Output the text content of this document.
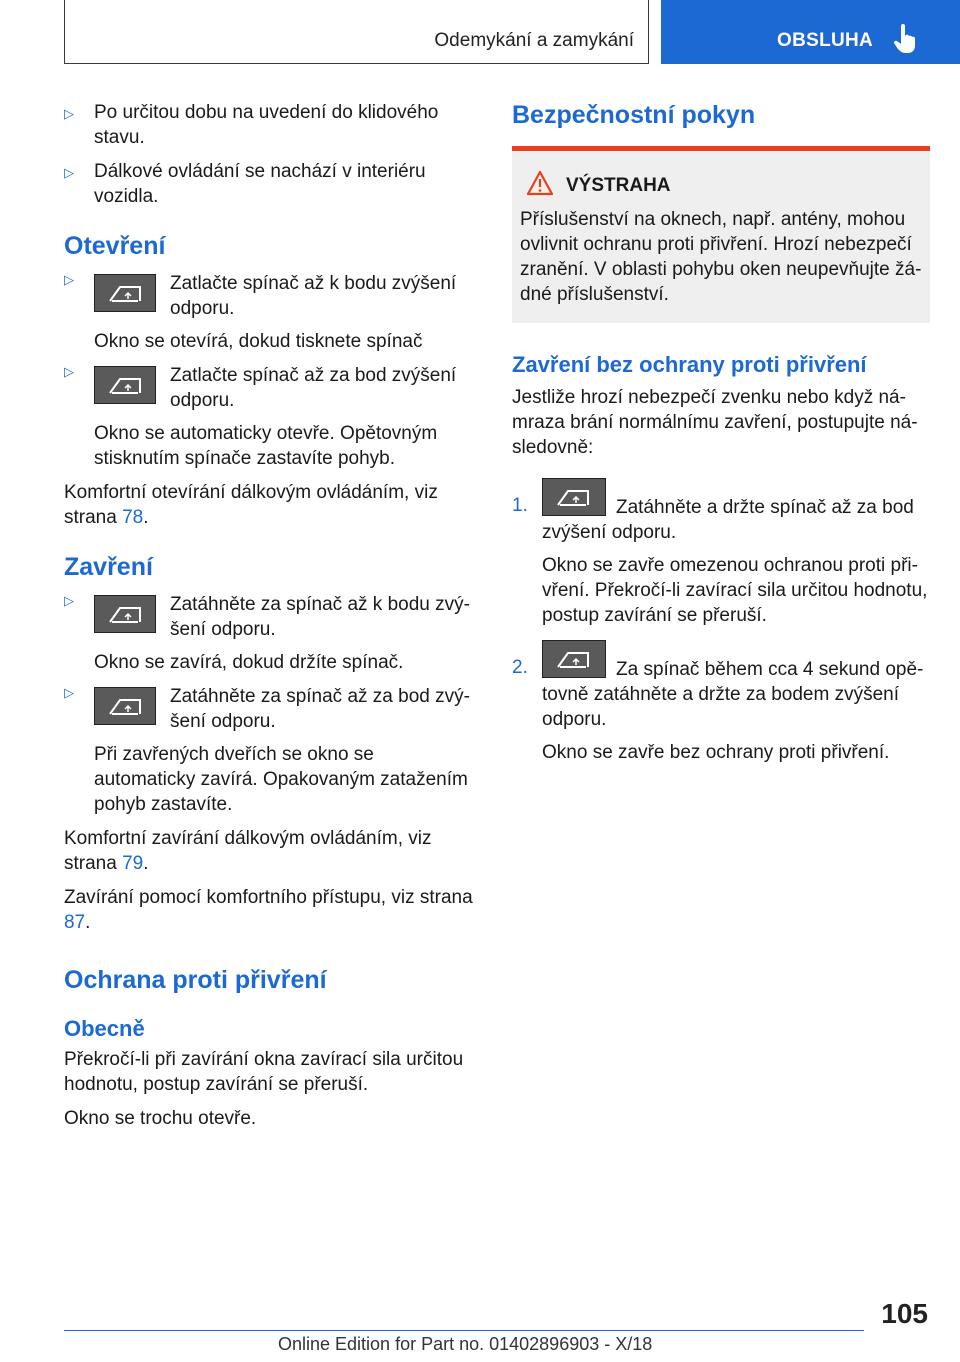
Odemykání a zamykání	OBSLUHA
▷ Po určitou dobu na uvedení do klidového stavu.
▷ Dálkové ovládání se nachází v interiéru vozidla.
Otevření
▷	Zatlačte spínač až k bodu zvýšení odporu.

Okno se otevírá, dokud tisknete spínač

▷	Zatlačte spínač až za bod zvýšení odporu.

Okno se automaticky otevře. Opětovným stisknutím spínače zastavíte pohyb.

Komfortní otevírání dálkovým ovládáním, viz strana 78.

Zavření
▷	Zatáhněte za spínač až k bodu zvýšení odporu.

Okno se zavírá, dokud držíte spínač.

▷	Zatáhněte za spínač až za bod zvýšení odporu.

Při zavřených dveřích se okno se automaticky zavírá. Opakovaným zatažením pohyb zastavíte.

Komfortní zavírání dálkovým ovládáním, viz strana 79.

Zavírání pomocí komfortního přístupu, viz strana 87.

Ochrana proti přivření
Obecně

Překročí-li při zavírání okna zavírací sila určitou hodnotu, postup zavírání se přeruší.

Okno se trochu otevře.

Bezpečnostní pokyn
VÝSTRAHA

Příslušenství na oknech, např. antény, mohou ovlivnit ochranu proti přivření. Hrozí nebezpečí zranění. V oblasti pohybu oken neupevňujte žádné příslušenství.

Zavření bez ochrany proti přivření

Jestliže hrozí nebezpečí zvenku nebo když námraza brání normálnímu zavření, postupujte následovně:

1.	Zatáhněte a držte spínač až za bod zvýšení odporu.

Okno se zavře omezenou ochranou proti přivření. Překročí-li zavírací sila určitou hodnotu, postup zavírání se přeruší.

2.	Za spínač během cca 4 sekund opětovně zatáhněte a držte za bodem zvýšení odporu.

Okno se zavře bez ochrany proti přivření.

105
Online Edition for Part no. 01402896903 - X/18
